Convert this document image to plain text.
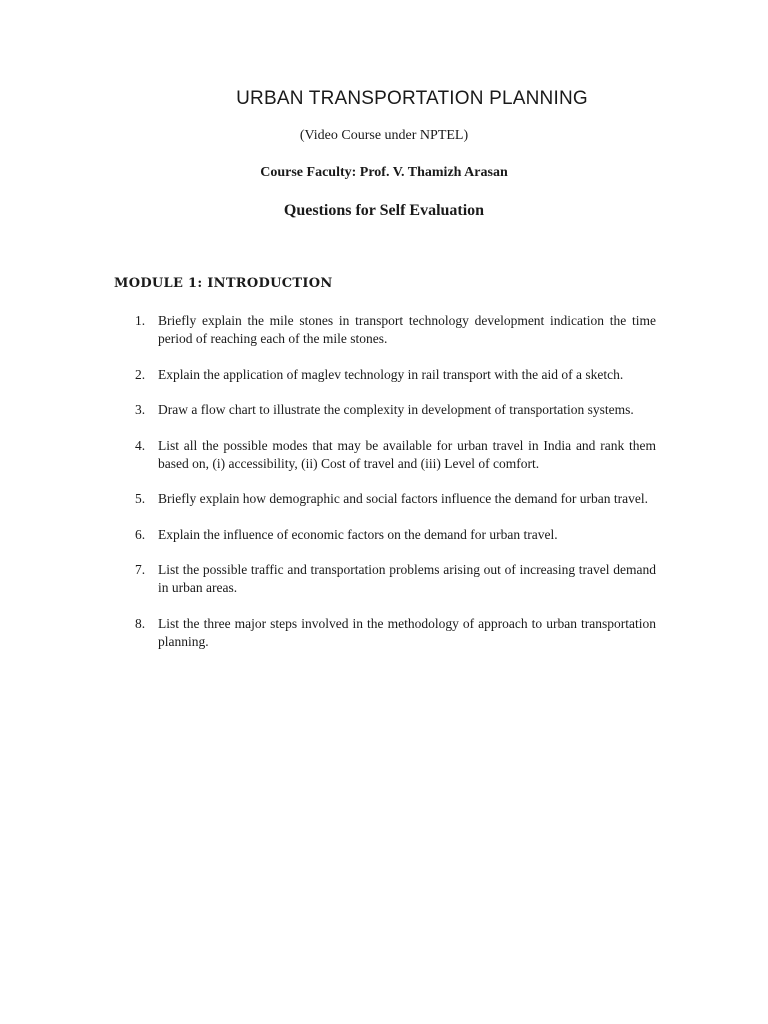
URBAN TRANSPORTATION PLANNING

(Video Course under NPTEL)

Course Faculty: Prof. V. Thamizh Arasan

Questions for Self Evaluation
MODULE 1: INTRODUCTION
1. Briefly explain the mile stones in transport technology development indication the time period of reaching each of the mile stones.
2. Explain the application of maglev technology in rail transport with the aid of a sketch.
3. Draw a flow chart to illustrate the complexity in development of transportation systems.
4. List all the possible modes that may be available for urban travel in India and rank them based on, (i) accessibility, (ii) Cost of travel and (iii) Level of comfort.
5. Briefly explain how demographic and social factors influence the demand for urban travel.
6. Explain the influence of economic factors on the demand for urban travel.
7. List the possible traffic and transportation problems arising out of increasing travel demand in urban areas.
8. List the three major steps involved in the methodology of approach to urban transportation planning.
